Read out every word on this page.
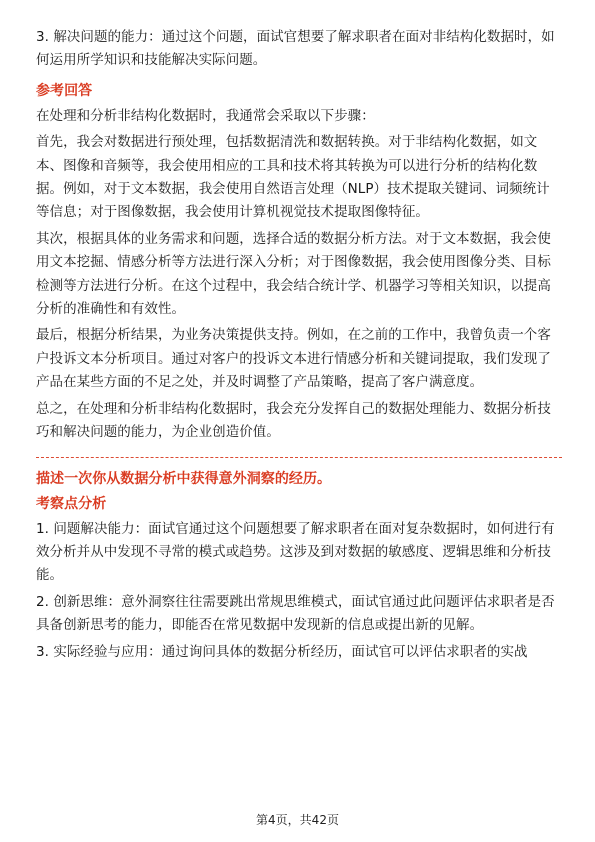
3. 解决问题的能力：通过这个问题，面试官想要了解求职者在面对非结构化数据时，如何运用所学知识和技能解决实际问题。

参考回答

在处理和分析非结构化数据时，我通常会采取以下步骤：

首先，我会对数据进行预处理，包括数据清洗和数据转换。对于非结构化数据，如文本、图像和音频等，我会使用相应的工具和技术将其转换为可以进行分析的结构化数据。例如，对于文本数据，我会使用自然语言处理（NLP）技术提取关键词、词频统计等信息；对于图像数据，我会使用计算机视觉技术提取图像特征。

其次，根据具体的业务需求和问题，选择合适的数据分析方法。对于文本数据，我会使用文本挖掘、情感分析等方法进行深入分析；对于图像数据，我会使用图像分类、目标检测等方法进行分析。在这个过程中，我会结合统计学、机器学习等相关知识，以提高分析的准确性和有效性。

最后，根据分析结果，为业务决策提供支持。例如，在之前的工作中，我曾负责一个客户投诉文本分析项目。通过对客户的投诉文本进行情感分析和关键词提取，我们发现了产品在某些方面的不足之处，并及时调整了产品策略，提高了客户满意度。

总之，在处理和分析非结构化数据时，我会充分发挥自己的数据处理能力、数据分析技巧和解决问题的能力，为企业创造价值。

描述一次你从数据分析中获得意外洞察的经历。

考察点分析

1. 问题解决能力：面试官通过这个问题想要了解求职者在面对复杂数据时，如何进行有效分析并从中发现不寻常的模式或趋势。这涉及到对数据的敏感度、逻辑思维和分析技能。

2. 创新思维：意外洞察往往需要跳出常规思维模式，面试官通过此问题评估求职者是否具备创新思考的能力，即能否在常见数据中发现新的信息或提出新的见解。

3. 实际经验与应用：通过询问具体的数据分析经历，面试官可以评估求职者的实战

第4页，共42页
